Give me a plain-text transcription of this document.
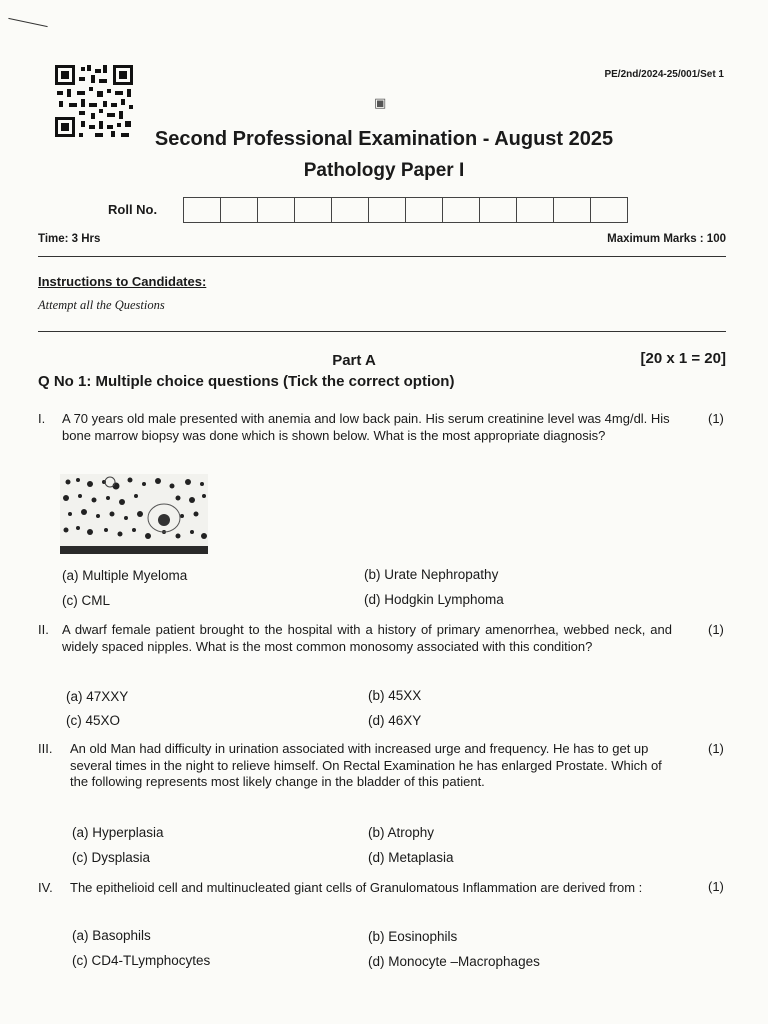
PE/2nd/2024-25/001/Set 1
▣
Second Professional Examination - August 2025
Pathology Paper I
Roll No.
Time: 3 Hrs	Maximum Marks : 100
Instructions to Candidates:
Attempt all the Questions
Part A	[20 x 1 = 20]
Q No 1: Multiple choice questions (Tick the correct option)
I. A 70 years old male presented with anemia and low back pain. His serum creatinine level was 4mg/dl. His bone marrow biopsy was done which is shown below. What is the most appropriate diagnosis?
(1)
(a) Multiple Myeloma	(b) Urate Nephropathy
(c) CML	(d) Hodgkin Lymphoma
II. A dwarf female patient brought to the hospital with a history of primary amenorrhea, webbed neck, and widely spaced nipples. What is the most common monosomy associated with this condition?
(1)
(a) 47XXY	(b) 45XX
(c) 45XO	(d) 46XY
III. An old Man had difficulty in urination associated with increased urge and frequency. He has to get up several times in the night to relieve himself. On Rectal Examination he has enlarged Prostate. Which of the following represents most likely change in the bladder of this patient.
(1)
(a) Hyperplasia	(b) Atrophy
(c) Dysplasia	(d) Metaplasia
IV. The epithelioid cell and multinucleated giant cells of Granulomatous Inflammation are derived from :	(1)
(a) Basophils	(b) Eosinophils
(c) CD4-TLymphocytes	(d) Monocyte –Macrophages
